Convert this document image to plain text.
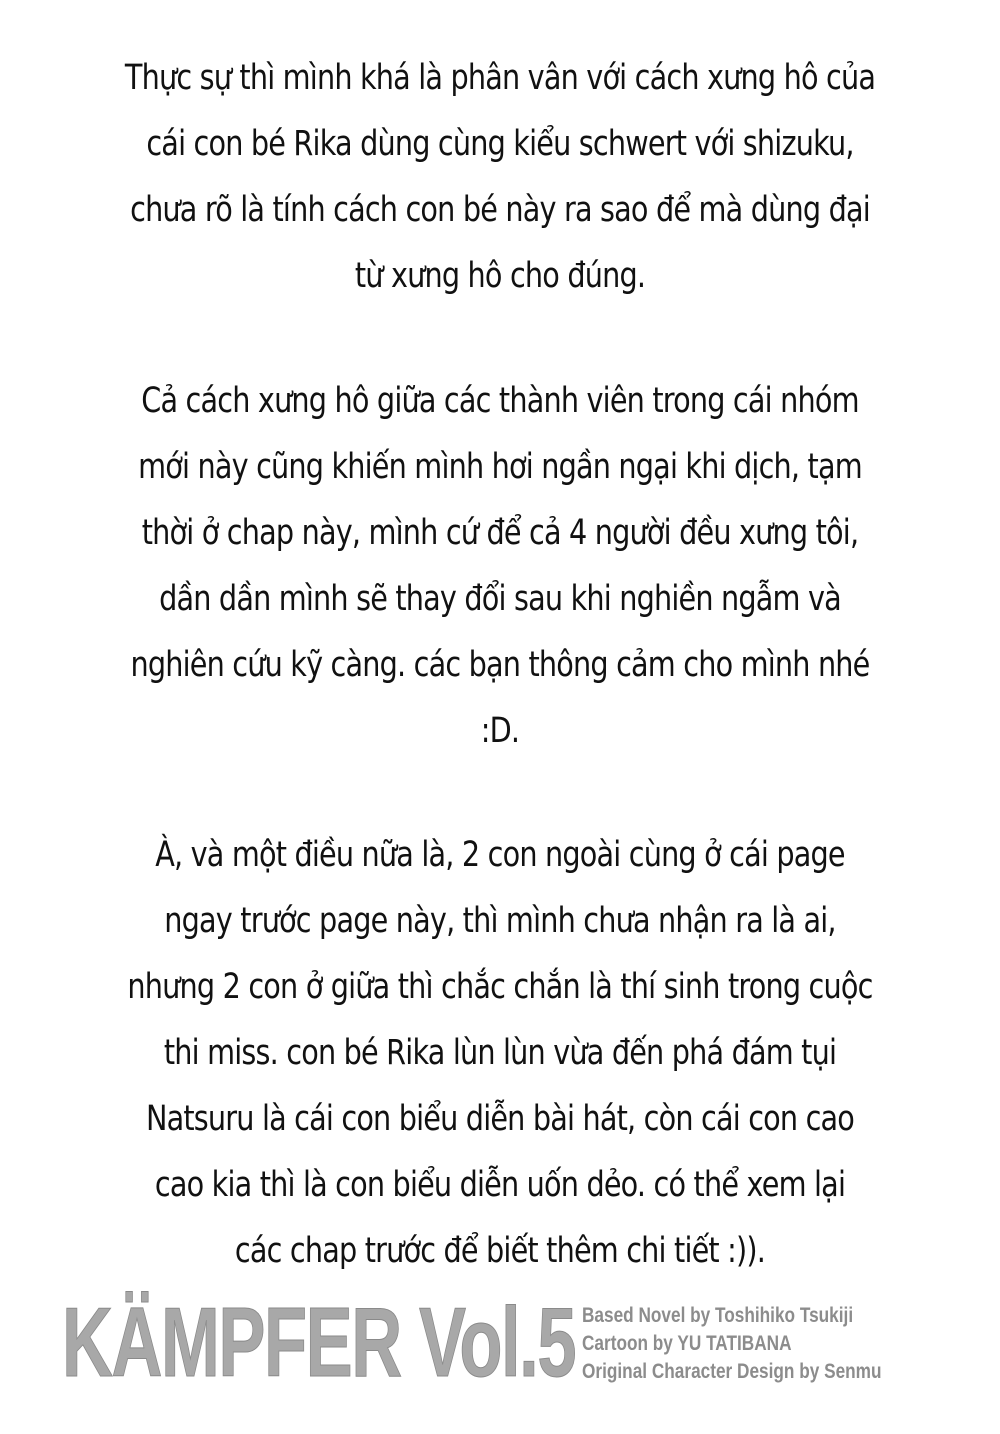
Thực sự thì mình khá là phân vân với cách xưng hô của
cái con bé Rika dùng cùng kiểu schwert với shizuku,
chưa rõ là tính cách con bé này ra sao để mà dùng đại
từ xưng hô cho đúng.
Cả cách xưng hô giữa các thành viên trong cái nhóm
mới này cũng khiến mình hơi ngần ngại khi dịch, tạm
thời ở chap này, mình cứ để cả 4 người đều xưng tôi,
dần dần mình sẽ thay đổi sau khi nghiền ngẫm và
nghiên cứu kỹ càng. các bạn thông cảm cho mình nhé
:D.
À, và một điều nữa là, 2 con ngoài cùng ở cái page
ngay trước page này, thì mình chưa nhận ra là ai,
nhưng 2 con ở giữa thì chắc chắn là thí sinh trong cuộc
thi miss. con bé Rika lùn lùn vừa đến phá đám tụi
Natsuru là cái con biểu diễn bài hát, còn cái con cao
cao kia thì là con biểu diễn uốn dẻo. có thể xem lại
các chap trước để biết thêm chi tiết :)).
KÄMPFER Vol.5 Based Novel by Toshihiko Tsukiji
Cartoon by YU TATIBANA
Original Character Design by Senmu
